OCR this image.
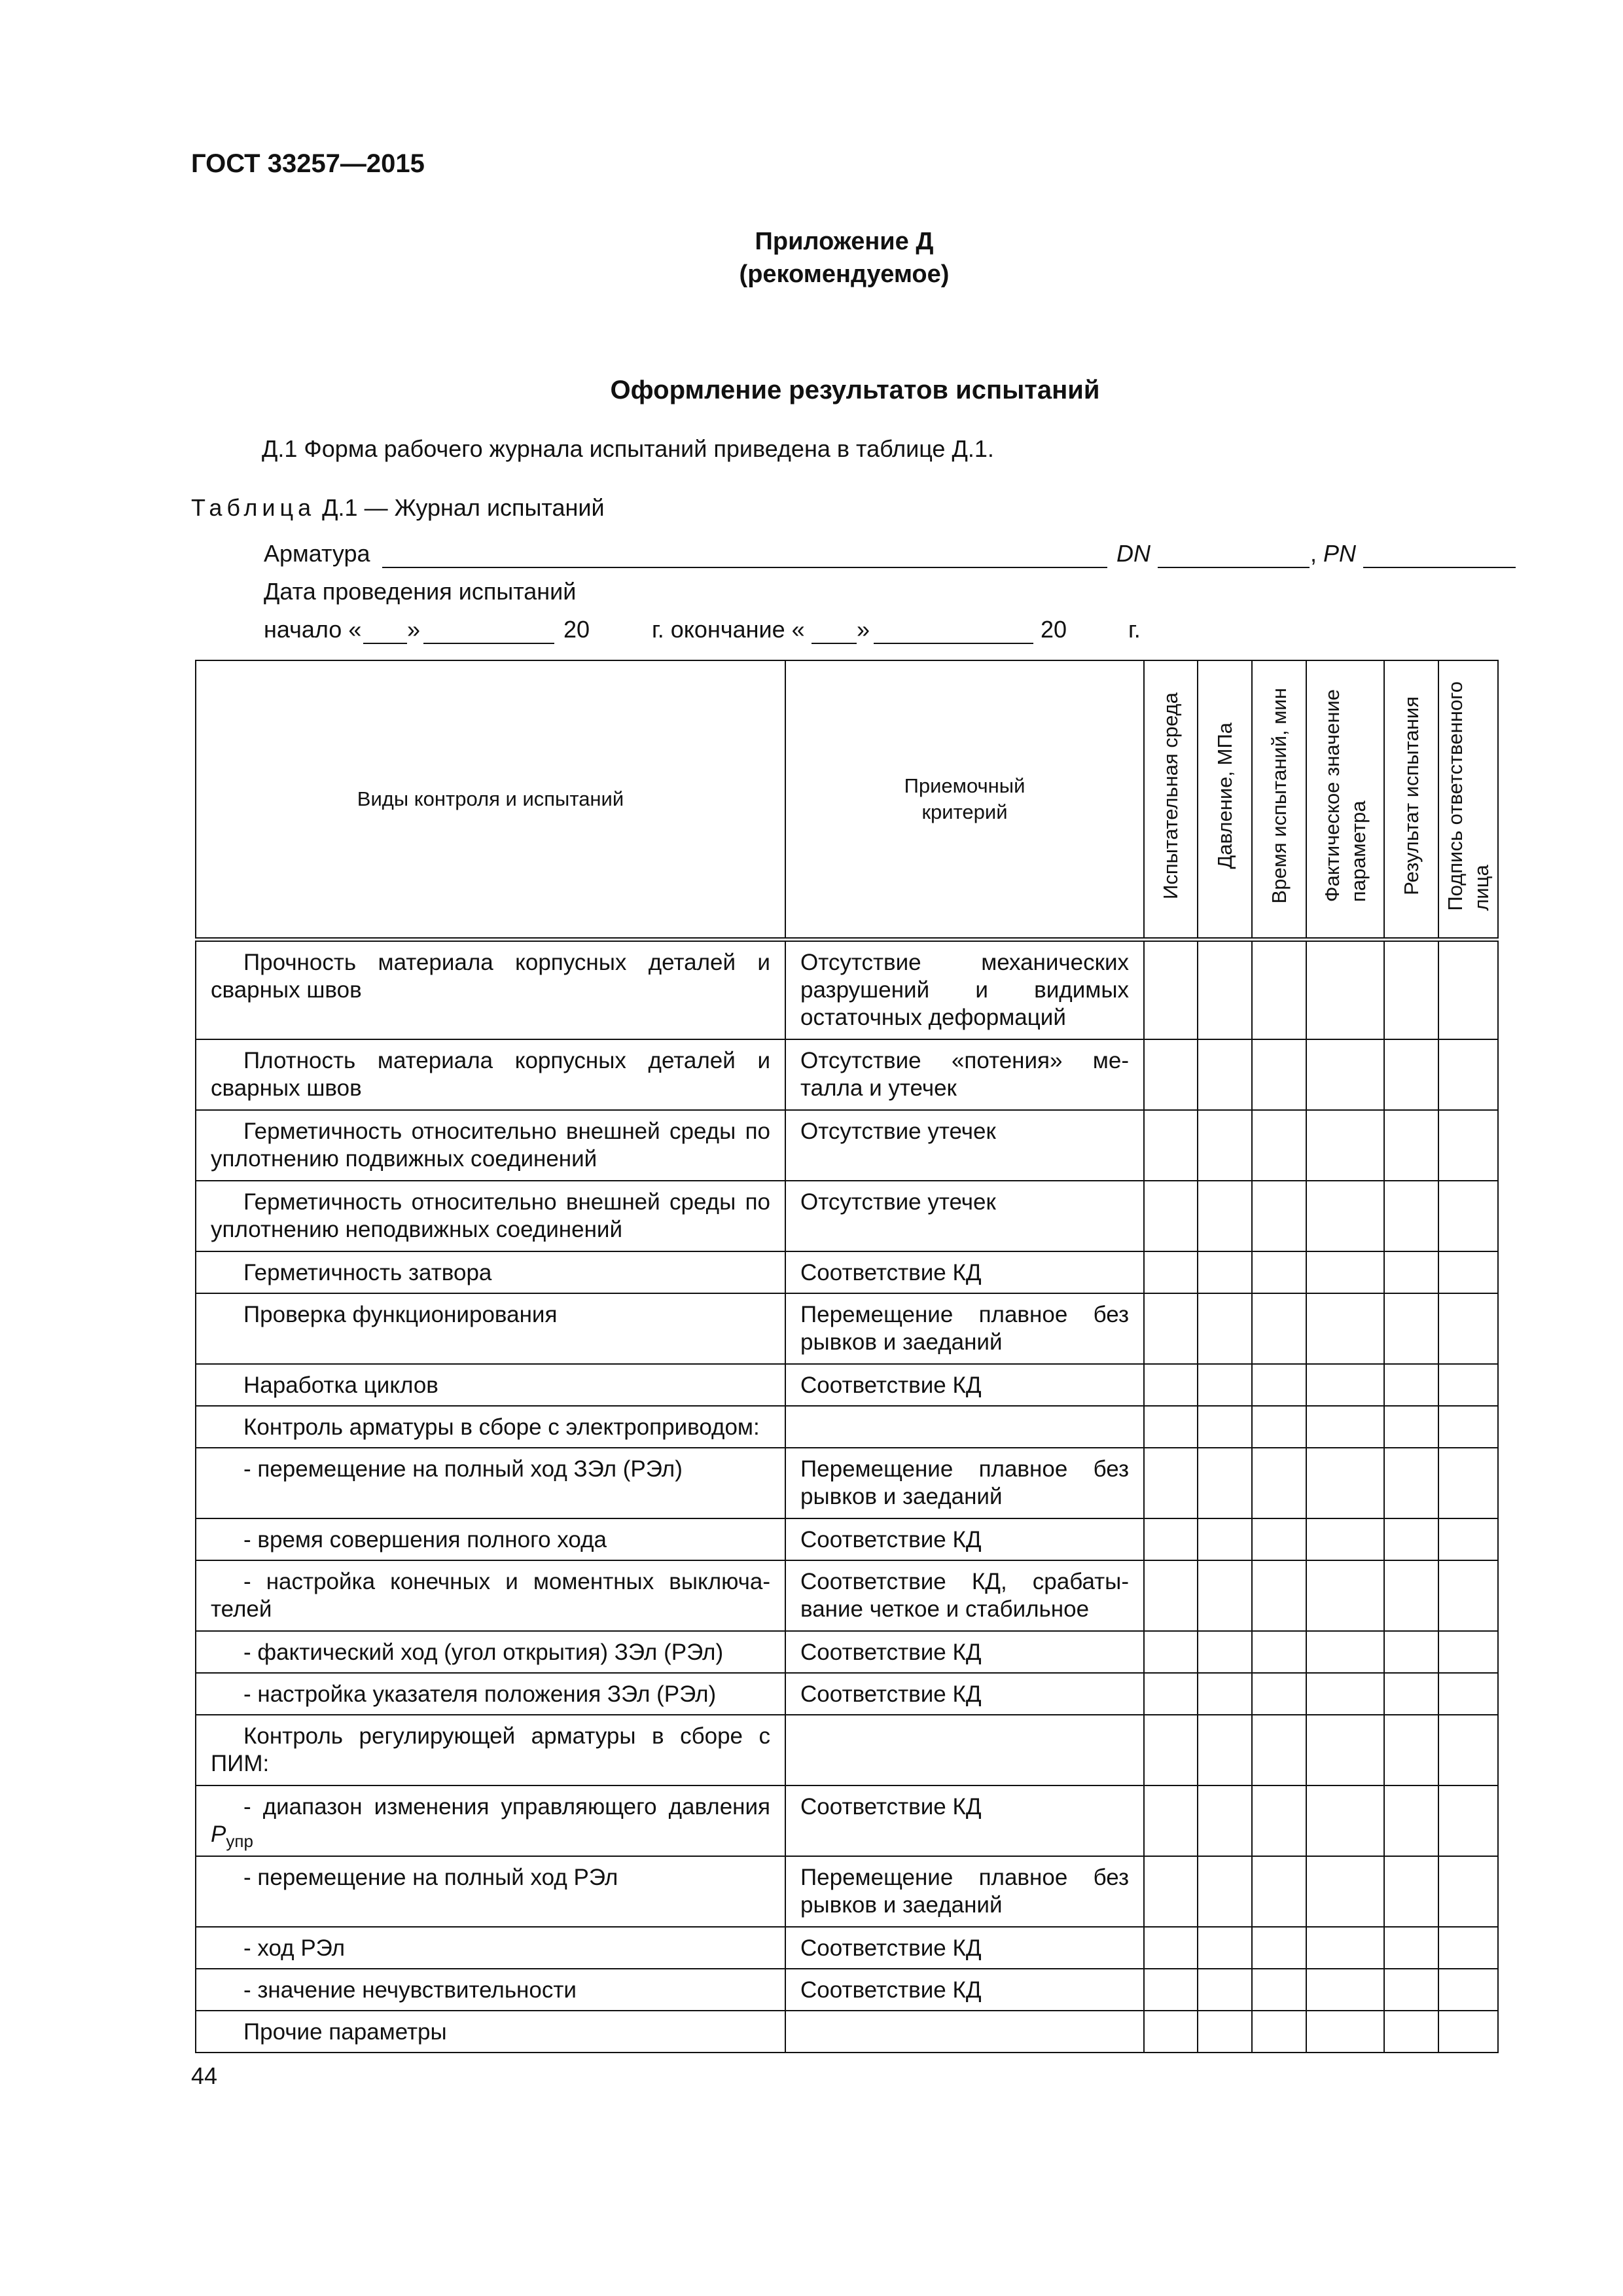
ГОСТ 33257—2015
Приложение Д
(рекомендуемое)
Оформление результатов испытаний
Д.1 Форма рабочего журнала испытаний приведена в таблице Д.1.
Таблица Д.1 — Журнал испытаний
Арматура	DN	, PN
Дата проведения испытаний
начало « »	20	г. окончание « »	20	г.
Виды контроля и испытаний	Приемочный критерий	Испытательная среда	Давление, МПа	Время испытаний, мин	Фактическое значение параметра	Результат испытания	Подпись ответственного лица
Прочность материала корпусных деталей и сварных швов	Отсутствие механических разрушений и видимых остаточных деформаций						
Плотность материала корпусных деталей и сварных швов	Отсутствие «потения» металла и утечек						
Герметичность относительно внешней среды по уплотнению подвижных соединений	Отсутствие утечек						
Герметичность относительно внешней среды по уплотнению неподвижных соединений	Отсутствие утечек						
Герметичность затвора	Соответствие КД						
Проверка функционирования	Перемещение плавное без рывков и заеданий						
Наработка циклов	Соответствие КД						
Контроль арматуры в сборе с электроприводом:							
- перемещение на полный ход ЗЭл (РЭл)	Перемещение плавное без рывков и заеданий						
- время совершения полного хода	Соответствие КД						
- настройка конечных и моментных выключателей	Соответствие КД, срабатывание четкое и стабильное						
- фактический ход (угол открытия) ЗЭл (РЭл)	Соответствие КД						
- настройка указателя положения ЗЭл (РЭл)	Соответствие КД						
Контроль регулирующей арматуры в сборе с ПИМ:							
- диапазон изменения управляющего давления $P_{упр}$	Соответствие КД						
- перемещение на полный ход РЭл	Перемещение плавное без рывков и заеданий						
- ход РЭл	Соответствие КД						
- значение нечувствительности	Соответствие КД						
Прочие параметры							
44
